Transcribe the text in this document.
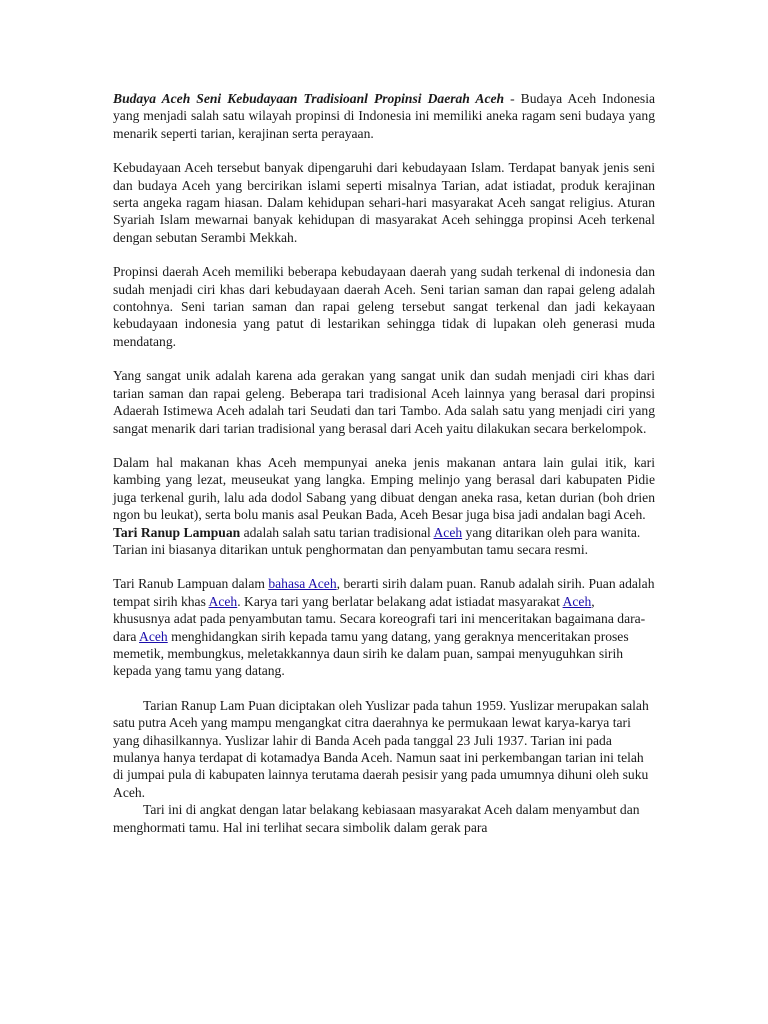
Budaya Aceh Seni Kebudayaan Tradisioanl Propinsi Daerah Aceh - Budaya Aceh Indonesia yang menjadi salah satu wilayah propinsi di Indonesia ini memiliki aneka ragam seni budaya yang menarik seperti tarian, kerajinan serta perayaan.

Kebudayaan Aceh tersebut banyak dipengaruhi dari kebudayaan Islam. Terdapat banyak jenis seni dan budaya Aceh yang bercirikan islami seperti misalnya Tarian, adat istiadat, produk kerajinan serta angeka ragam hiasan. Dalam kehidupan sehari-hari masyarakat Aceh sangat religius. Aturan Syariah Islam mewarnai banyak kehidupan di masyarakat Aceh sehingga propinsi Aceh terkenal dengan sebutan Serambi Mekkah.

Propinsi daerah Aceh memiliki beberapa kebudayaan daerah yang sudah terkenal di indonesia dan sudah menjadi ciri khas dari kebudayaan daerah Aceh. Seni tarian saman dan rapai geleng adalah contohnya. Seni tarian saman dan rapai geleng tersebut sangat terkenal dan jadi kekayaan kebudayaan indonesia yang patut di lestarikan sehingga tidak di lupakan oleh generasi muda mendatang.

Yang sangat unik adalah karena ada gerakan yang sangat unik dan sudah menjadi ciri khas dari tarian saman dan rapai geleng. Beberapa tari tradisional Aceh lainnya yang berasal dari propinsi Adaerah Istimewa Aceh adalah tari Seudati dan tari Tambo. Ada salah satu yang menjadi ciri yang sangat menarik dari tarian tradisional yang berasal dari Aceh yaitu dilakukan secara berkelompok.

Dalam hal makanan khas Aceh mempunyai aneka jenis makanan antara lain gulai itik, kari kambing yang lezat, meuseukat yang langka. Emping melinjo yang berasal dari kabupaten Pidie juga terkenal gurih, lalu ada dodol Sabang yang dibuat dengan aneka rasa, ketan durian (boh drien ngon bu leukat), serta bolu manis asal Peukan Bada, Aceh Besar juga bisa jadi andalan bagi Aceh.

Tari Ranup Lampuan adalah salah satu tarian tradisional Aceh yang ditarikan oleh para wanita. Tarian ini biasanya ditarikan untuk penghormatan dan penyambutan tamu secara resmi.

Tari Ranub Lampuan dalam bahasa Aceh, berarti sirih dalam puan. Ranub adalah sirih. Puan adalah tempat sirih khas Aceh. Karya tari yang berlatar belakang adat istiadat masyarakat Aceh, khususnya adat pada penyambutan tamu. Secara koreografi tari ini menceritakan bagaimana dara-dara Aceh menghidangkan sirih kepada tamu yang datang, yang geraknya menceritakan proses memetik, membungkus, meletakkannya daun sirih ke dalam puan, sampai menyuguhkan sirih kepada yang tamu yang datang.

Tarian Ranup Lam Puan diciptakan oleh Yuslizar pada tahun 1959. Yuslizar merupakan salah satu putra Aceh yang mampu mengangkat citra daerahnya ke permukaan lewat karya-karya tari yang dihasilkannya. Yuslizar lahir di Banda Aceh pada tanggal 23 Juli 1937. Tarian ini pada mulanya hanya terdapat di kotamadya Banda Aceh. Namun saat ini perkembangan tarian ini telah di jumpai pula di kabupaten lainnya terutama daerah pesisir yang pada umumnya dihuni oleh suku Aceh.

Tari ini di angkat dengan latar belakang kebiasaan masyarakat Aceh dalam menyambut dan menghormati tamu. Hal ini terlihat secara simbolik dalam gerak para
